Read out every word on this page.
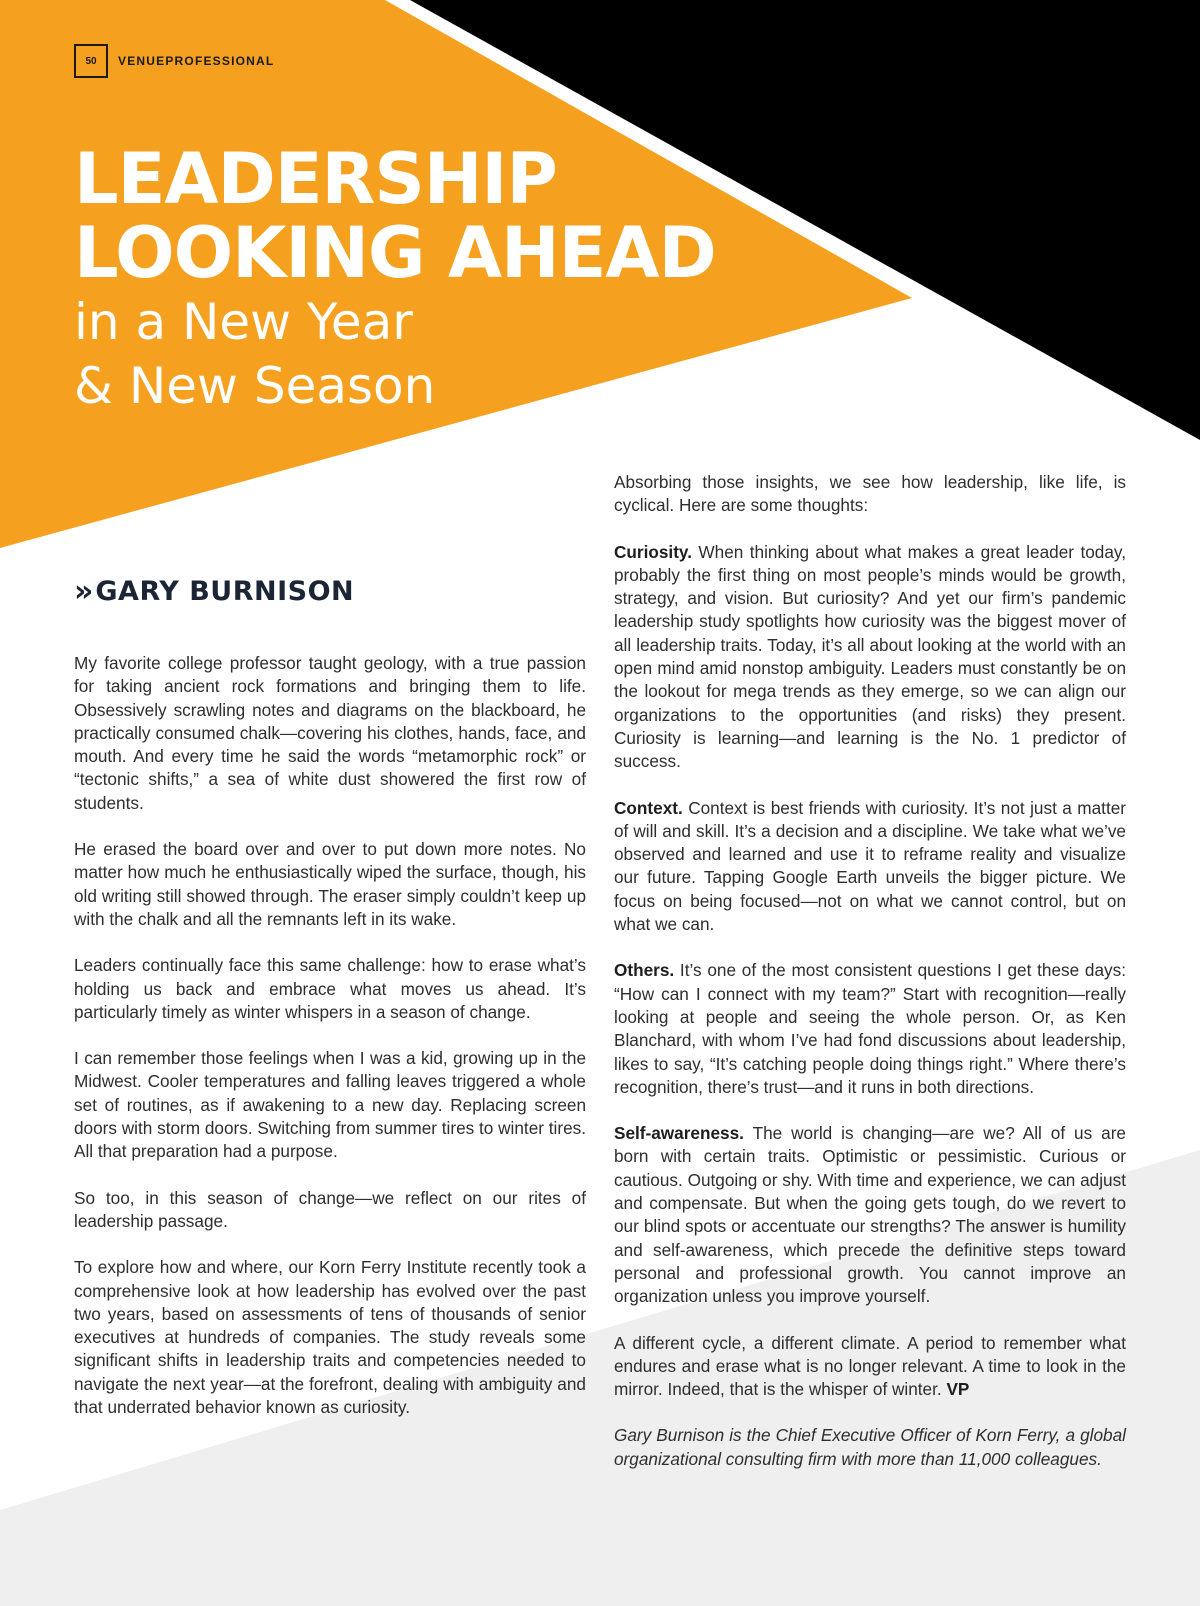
50	VENUEPROFESSIONAL
LEADERSHIP
LOOKING AHEAD
in a New Year
& New Season
» GARY BURNISON

My favorite college professor taught geology, with a true passion for taking ancient rock formations and bringing them to life. Obsessively scrawling notes and diagrams on the blackboard, he practically consumed chalk—covering his clothes, hands, face, and mouth. And every time he said the words “metamorphic rock” or “tectonic shifts,” a sea of white dust showered the first row of students.

He erased the board over and over to put down more notes. No matter how much he enthusiastically wiped the surface, though, his old writing still showed through. The eraser simply couldn’t keep up with the chalk and all the remnants left in its wake.

Leaders continually face this same challenge: how to erase what’s holding us back and embrace what moves us ahead. It’s particularly timely as winter whispers in a season of change.

I can remember those feelings when I was a kid, growing up in the Midwest. Cooler temperatures and falling leaves triggered a whole set of routines, as if awakening to a new day. Replacing screen doors with storm doors. Switching from summer tires to winter tires. All that preparation had a purpose.

So too, in this season of change—we reflect on our rites of leadership passage.

To explore how and where, our Korn Ferry Institute recently took a comprehensive look at how leadership has evolved over the past two years, based on assessments of tens of thousands of senior executives at hundreds of companies. The study reveals some significant shifts in leadership traits and competencies needed to navigate the next year—at the forefront, dealing with ambiguity and that underrated behavior known as curiosity.

Absorbing those insights, we see how leadership, like life, is cyclical. Here are some thoughts:

Curiosity. When thinking about what makes a great leader today, probably the first thing on most people’s minds would be growth, strategy, and vision. But curiosity? And yet our firm’s pandemic leadership study spotlights how curiosity was the biggest mover of all leadership traits. Today, it’s all about looking at the world with an open mind amid nonstop ambiguity. Leaders must constantly be on the lookout for mega trends as they emerge, so we can align our organizations to the opportunities (and risks) they present. Curiosity is learning—and learning is the No. 1 predictor of success.

Context. Context is best friends with curiosity. It’s not just a matter of will and skill. It’s a decision and a discipline. We take what we’ve observed and learned and use it to reframe reality and visualize our future. Tapping Google Earth unveils the bigger picture. We focus on being focused—not on what we cannot control, but on what we can.

Others. It’s one of the most consistent questions I get these days: “How can I connect with my team?” Start with recognition—really looking at people and seeing the whole person. Or, as Ken Blanchard, with whom I’ve had fond discussions about leadership, likes to say, “It’s catching people doing things right.” Where there’s recognition, there’s trust—and it runs in both directions.

Self-awareness. The world is changing—are we? All of us are born with certain traits. Optimistic or pessimistic. Curious or cautious. Outgoing or shy. With time and experience, we can adjust and compensate. But when the going gets tough, do we revert to our blind spots or accentuate our strengths? The answer is humility and self-awareness, which precede the definitive steps toward personal and professional growth. You cannot improve an organization unless you improve yourself.

A different cycle, a different climate. A period to remember what endures and erase what is no longer relevant. A time to look in the mirror. Indeed, that is the whisper of winter. VP

Gary Burnison is the Chief Executive Officer of Korn Ferry, a global organizational consulting firm with more than 11,000 colleagues.
